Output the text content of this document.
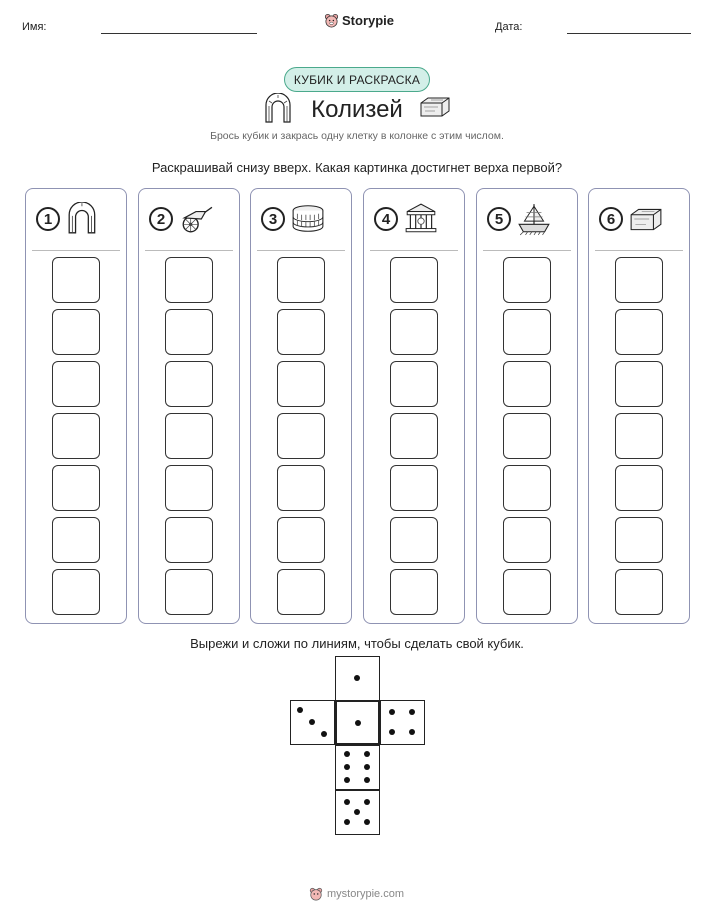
Имя:	Storypie	Дата:
КУБИК И РАСКРАСКА
Колизей
Брось кубик и закрась одну клетку в колонке с этим числом.
Раскрашивай снизу вверх. Какая картинка достигнет верха первой?
1	2	3	4	5	6
Вырежи и сложи по линиям, чтобы сделать свой кубик.
mystorypie.com
